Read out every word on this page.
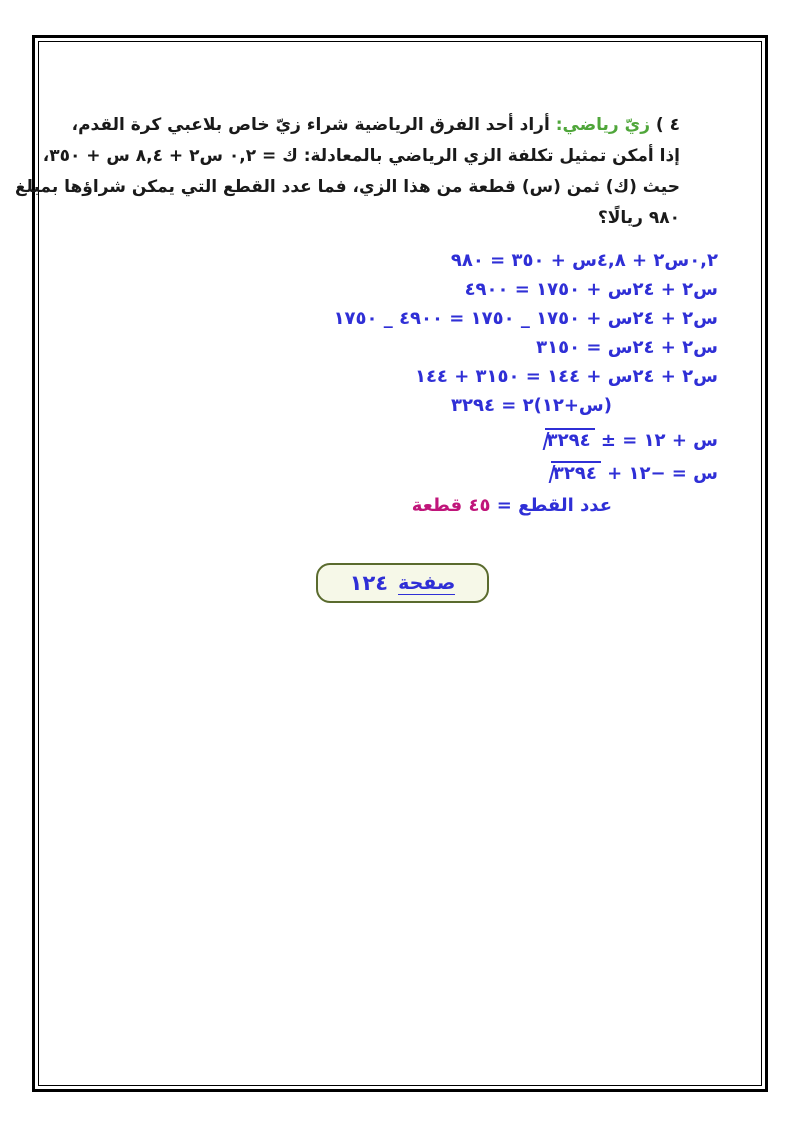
٤ ) زيّ رياضي: أراد أحد الفرق الرياضية شراء زيّ خاص بلاعبي كرة القدم،
إذا أمكن تمثيل تكلفة الزي الرياضي بالمعادلة: ك = ٠,٢ س٢ + ٨,٤ س + ٣٥٠،
حيث (ك) ثمن (س) قطعة من هذا الزي، فما عدد القطع التي يمكن شراؤها بمبلغ
٩٨٠ ريالًا؟
٠,٢س٢ + ٤,٨س + ٣٥٠ = ٩٨٠
س٢ + ٢٤س + ١٧٥٠ = ٤٩٠٠
س٢ + ٢٤س + ١٧٥٠ _ ١٧٥٠ = ٤٩٠٠ _ ١٧٥٠
س٢ + ٢٤س = ٣١٥٠
س٢ + ٢٤س + ١٤٤ = ٣١٥٠ + ١٤٤
(س+١٢)٢ = ٣٢٩٤
س + ١٢ = ± ٣٢٩٤
س = −١٢ + ٣٢٩٤
عدد القطع = ٤٥ قطعة
صفحة
١٢٤
